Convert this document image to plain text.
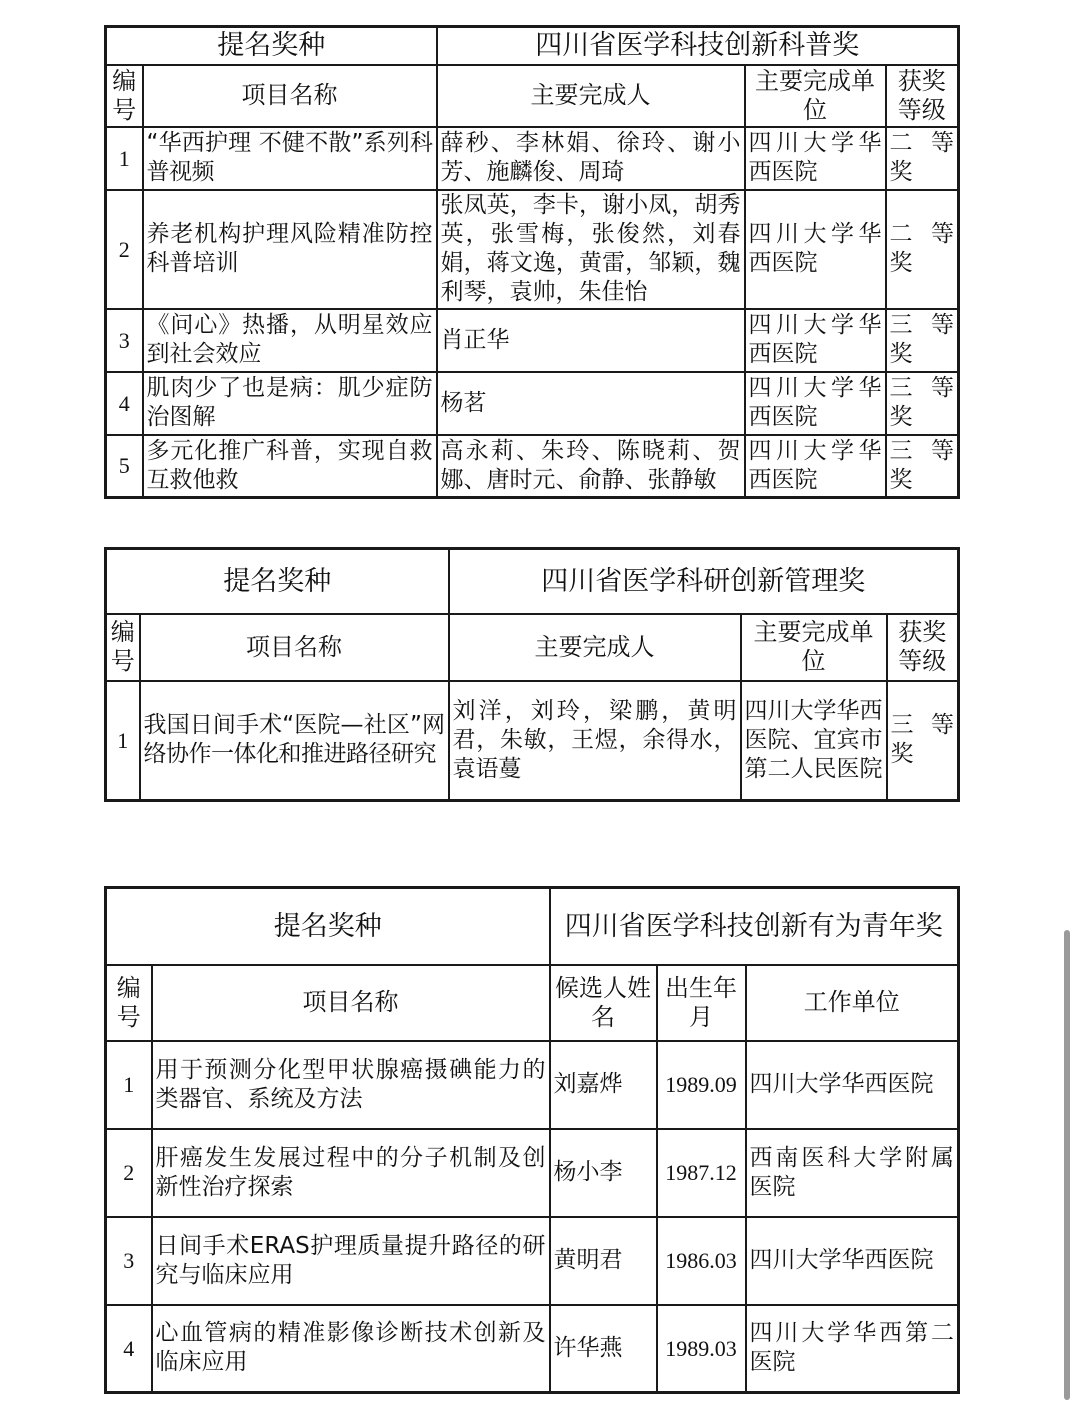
提名奖种		四川省医学科技创新科普奖		
编号	项目名称	主要完成人	主要完成单位	获奖等级
1	“华西护理 不健不散”系列科普视频	薛秒、李林娟、徐玲、谢小芳、施麟俊、周琦	四川大学华西医院	二 等奖
2	养老机构护理风险精准防控科普培训	张凤英，李卡，谢小凤，胡秀英，张雪梅，张俊然，刘春娟，蒋文逸，黄雷，邹颖，魏利琴，袁帅，朱佳怡	四川大学华西医院	二 等奖
3	《问心》热播，从明星效应到社会效应	肖正华	四川大学华西医院	三 等奖
4	肌肉少了也是病：肌少症防治图解	杨茗	四川大学华西医院	三 等奖
5	多元化推广科普，实现自救互救他救	高永莉、朱玲、陈晓莉、贺娜、唐时元、俞静、张静敏	四川大学华西医院	三 等奖
提名奖种		四川省医学科研创新管理奖		
编号	项目名称	主要完成人	主要完成单位	获奖等级
1	我国日间手术“医院—社区”网络协作一体化和推进路径研究	刘洋，刘玲，梁鹏，黄明君，朱敏，王煜，余得水，袁语蔓	四川大学华西医院、宜宾市第二人民医院	三 等奖
提名奖种		四川省医学科技创新有为青年奖		
编号	项目名称	候选人姓名	出生年月	工作单位
1	用于预测分化型甲状腺癌摄碘能力的类器官、系统及方法	刘嘉烨	1989.09	四川大学华西医院
2	肝癌发生发展过程中的分子机制及创新性治疗探索	杨小李	1987.12	西南医科大学附属医院
3	日间手术ERAS护理质量提升路径的研究与临床应用	黄明君	1986.03	四川大学华西医院
4	心血管病的精准影像诊断技术创新及临床应用	许华燕	1989.03	四川大学华西第二医院
